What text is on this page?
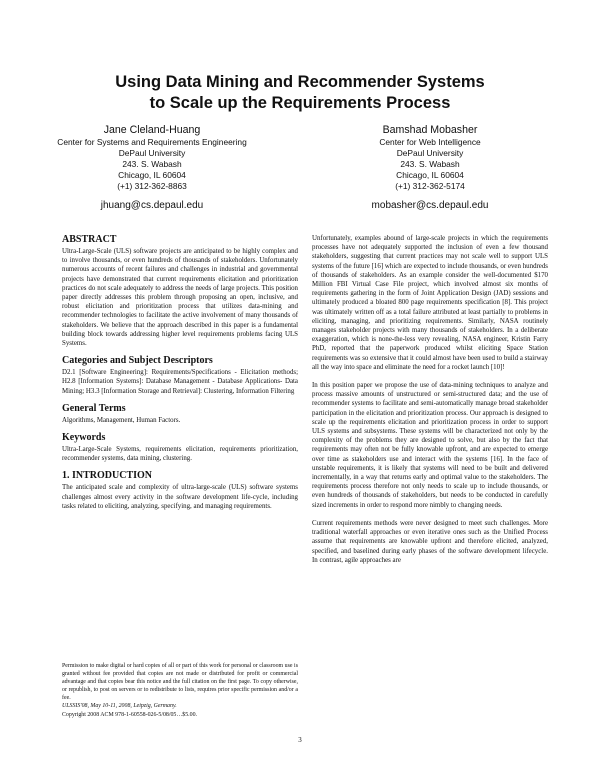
Using Data Mining and Recommender Systems
to Scale up the Requirements Process
Jane Cleland-Huang
Center for Systems and Requirements Engineering
DePaul University
243. S. Wabash
Chicago, IL 60604
(+1) 312-362-8863
jhuang@cs.depaul.edu
Bamshad Mobasher
Center for Web Intelligence
DePaul University
243. S. Wabash
Chicago, IL 60604
(+1) 312-362-5174
mobasher@cs.depaul.edu
ABSTRACT

Ultra-Large-Scale (ULS) software projects are anticipated to be highly complex and to involve thousands, or even hundreds of thousands of stakeholders. Unfortunately numerous accounts of recent failures and challenges in industrial and governmental projects have demonstrated that current requirements elicitation and prioritization practices do not scale adequately to address the needs of large projects. This position paper directly addresses this problem through proposing an open, inclusive, and robust elicitation and prioritization process that utilizes data-mining and recommender technologies to facilitate the active involvement of many thousands of stakeholders. We believe that the approach described in this paper is a fundamental building block towards addressing higher level requirements problems facing ULS Systems.

Categories and Subject Descriptors

D2.1 [Software Engineering]: Requirements/Specifications - Elicitation methods; H2.8 [Information Systems]: Database Management - Database Applications- Data Mining; H3.3 [Information Storage and Retrieval]: Clustering, Information Filtering

General Terms

Algorithms, Management, Human Factors.

Keywords

Ultra-Large-Scale Systems, requirements elicitation, requirements prioritization, recommender systems, data mining, clustering.

1. INTRODUCTION

The anticipated scale and complexity of ultra-large-scale (ULS) software systems challenges almost every activity in the software development life-cycle, including tasks related to eliciting, analyzing, specifying, and managing requirements.

Permission to make digital or hard copies of all or part of this work for personal or classroom use is granted without fee provided that copies are not made or distributed for profit or commercial advantage and that copies bear this notice and the full citation on the first page. To copy otherwise, or republish, to post on servers or to redistribute to lists, requires prior specific permission and/or a fee.

ULSSIS'08, May 10-11, 2008, Leipzig, Germany.

Copyright 2008 ACM 978-1-60558-026-5/08/05…$5.00.

Unfortunately, examples abound of large-scale projects in which the requirements processes have not adequately supported the inclusion of even a few thousand stakeholders, suggesting that current practices may not scale well to support ULS systems of the future [16] which are expected to include thousands, or even hundreds of thousands of stakeholders. As an example consider the well-documented $170 Million FBI Virtual Case File project, which involved almost six months of requirements gathering in the form of Joint Application Design (JAD) sessions and ultimately produced a bloated 800 page requirements specification [8]. This project was ultimately written off as a total failure attributed at least partially to problems in eliciting, managing, and prioritizing requirements. Similarly, NASA routinely manages stakeholder projects with many thousands of stakeholders. In a deliberate exaggeration, which is none-the-less very revealing, NASA engineer, Kristin Farry PhD, reported that the paperwork produced whilst eliciting Space Station requirements was so extensive that it could almost have been used to build a stairway all the way into space and eliminate the need for a rocket launch [10]!

In this position paper we propose the use of data-mining techniques to analyze and process massive amounts of unstructured or semi-structured data; and the use of recommender systems to facilitate and semi-automatically manage broad stakeholder participation in the elicitation and prioritization process. Our approach is designed to scale up the requirements elicitation and prioritization process in order to support ULS systems and subsystems. These systems will be characterized not only by the complexity of the problems they are designed to solve, but also by the fact that requirements may often not be fully knowable upfront, and are expected to emerge over time as stakeholders use and interact with the systems [16]. In the face of unstable requirements, it is likely that systems will need to be built and delivered incrementally, in a way that returns early and optimal value to the stakeholders. The requirements process therefore not only needs to scale up to include thousands, or even hundreds of thousands of stakeholders, but needs to be conducted in carefully sized increments in order to respond more nimbly to changing needs.

Current requirements methods were never designed to meet such challenges. More traditional waterfall approaches or even iterative ones such as the Unified Process assume that requirements are knowable upfront and therefore elicited, analyzed, specified, and baselined during early phases of the software development lifecycle. In contrast, agile approaches are

3
